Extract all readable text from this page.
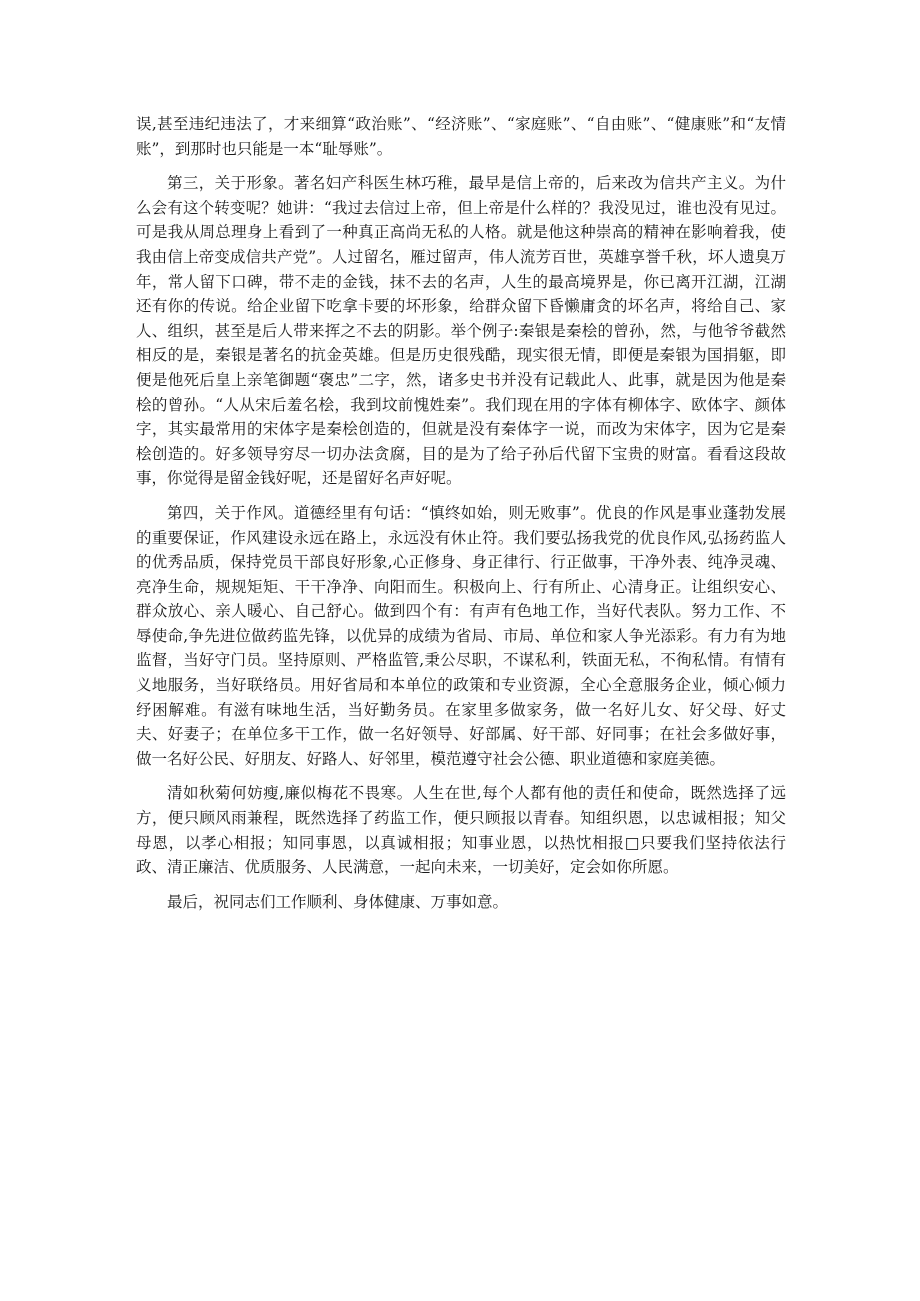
误,甚至违纪违法了，才来细算“政治账”、“经济账”、“家庭账”、“自由账”、“健康账”和“友情账”，到那时也只能是一本“耻辱账”。

第三，关于形象。著名妇产科医生林巧稚，最早是信上帝的，后来改为信共产主义。为什么会有这个转变呢？她讲：“我过去信过上帝，但上帝是什么样的？我没见过，谁也没有见过。可是我从周总理身上看到了一种真正高尚无私的人格。就是他这种崇高的精神在影响着我，使我由信上帝变成信共产党”。人过留名，雁过留声，伟人流芳百世，英雄享誉千秋，坏人遗臭万年，常人留下口碑，带不走的金钱，抹不去的名声，人生的最高境界是，你已离开江湖，江湖还有你的传说。给企业留下吃拿卡要的坏形象，给群众留下昏懒庸贪的坏名声，将给自己、家人、组织，甚至是后人带来挥之不去的阴影。举个例子:秦银是秦桧的曾孙，然，与他爷爷截然相反的是，秦银是著名的抗金英雄。但是历史很残酷，现实很无情，即便是秦银为国捐躯，即便是他死后皇上亲笔御题“褒忠”二字，然，诸多史书并没有记载此人、此事，就是因为他是秦桧的曾孙。“人从宋后羞名桧，我到坟前愧姓秦”。我们现在用的字体有柳体字、欧体字、颜体字，其实最常用的宋体字是秦桧创造的，但就是没有秦体字一说，而改为宋体字，因为它是秦桧创造的。好多领导穷尽一切办法贪腐，目的是为了给子孙后代留下宝贵的财富。看看这段故事，你觉得是留金钱好呢，还是留好名声好呢。

第四，关于作风。道德经里有句话：“慎终如始，则无败事”。优良的作风是事业蓬勃发展的重要保证，作风建设永远在路上，永远没有休止符。我们要弘扬我党的优良作风,弘扬药监人的优秀品质，保持党员干部良好形象,心正修身、身正律行、行正做事，干净外表、纯净灵魂、亮净生命，规规矩矩、干干净净、向阳而生。积极向上、行有所止、心清身正。让组织安心、群众放心、亲人暖心、自己舒心。做到四个有：有声有色地工作，当好代表队。努力工作、不辱使命,争先进位做药监先锋，以优异的成绩为省局、市局、单位和家人争光添彩。有力有为地监督，当好守门员。坚持原则、严格监管,秉公尽职，不谋私利，铁面无私，不徇私情。有情有义地服务，当好联络员。用好省局和本单位的政策和专业资源，全心全意服务企业，倾心倾力纾困解难。有滋有味地生活，当好勤务员。在家里多做家务，做一名好儿女、好父母、好丈夫、好妻子；在单位多干工作，做一名好领导、好部属、好干部、好同事；在社会多做好事，做一名好公民、好朋友、好路人、好邻里，模范遵守社会公德、职业道德和家庭美德。

清如秋菊何妨瘦,廉似梅花不畏寒。人生在世,每个人都有他的责任和使命，既然选择了远方，便只顾风雨兼程，既然选择了药监工作，便只顾报以青春。知组织恩，以忠诚相报；知父母恩，以孝心相报；知同事恩，以真诚相报；知事业恩，以热忱相报□只要我们坚持依法行政、清正廉洁、优质服务、人民满意，一起向未来，一切美好，定会如你所愿。

最后，祝同志们工作顺利、身体健康、万事如意。
